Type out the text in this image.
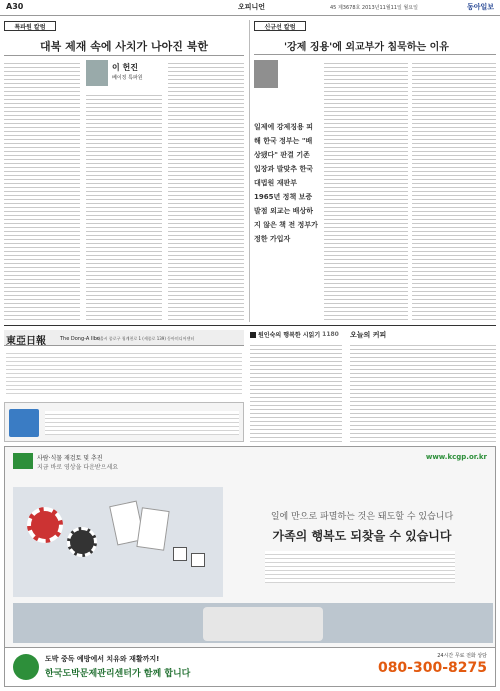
A30	오피니언	45 제3678호 2013년11월11일 월요일	동아일보
특파원 칼럼
대북 제재 속에 사치가 나아진 북한
이 헌진
베이징 특파원
신규선 칼럼
'강제 징용'에 외교부가 침묵하는 이유
일제에 강제징용 피해 한국 정부는 "배상됐다" 판결 기존 입장과 발맞추 한국 대법원 재판부 1965년 정책 보증 발점 외교는 배상하지 않은 책 전 정부가 정한 가입자
東亞日報	The Dong-A Ilbo
서울시 종로구 청계천로 1 (세종로 139) 동아미디어센터	원인숙의 행복한 시읽기 1180 오늘의 커피
사람·식물 재검토 및 추진
지금 바로 영상을 다운받으세요
www.kcgp.or.kr
일에 만으로 파멸하는 것은 돼도할 수 있습니다
가족의 행복도 되찾을 수 있습니다
도박 중독 예방에서 치유와 재활까지!
한국도박문제관리센터가 함께 합니다
24시간 무료 전화 상담
080-300-8275
